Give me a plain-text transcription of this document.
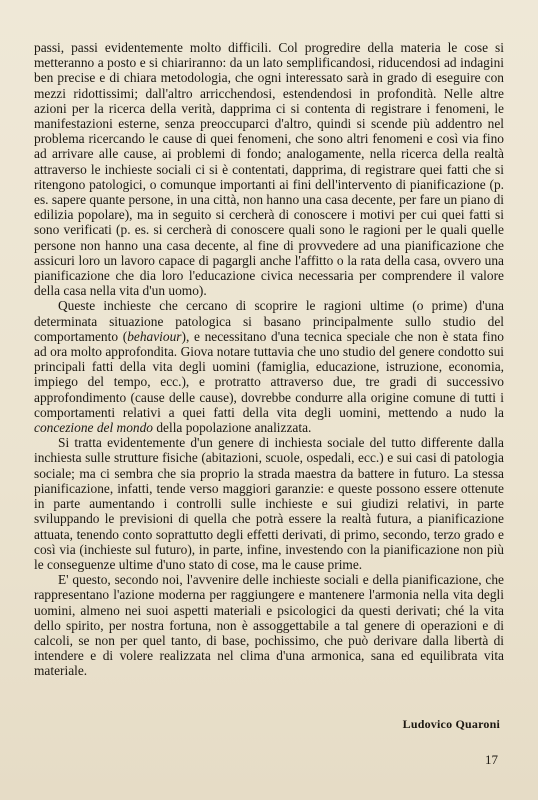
passi, passi evidentemente molto difficili. Col progredire della materia le cose si metteranno a posto e si chiariranno: da un lato semplificandosi, riducendosi ad indagini ben precise e di chiara metodologia, che ogni interessato sarà in grado di eseguire con mezzi ridottissimi; dall'altro arricchendosi, estendendosi in profondità. Nelle altre azioni per la ricerca della verità, dapprima ci si contenta di registrare i fenomeni, le manifestazioni esterne, senza preoccuparci d'altro, quindi si scende più addentro nel problema ricercando le cause di quei fenomeni, che sono altri fenomeni e così via fino ad arrivare alle cause, ai problemi di fondo; analogamente, nella ricerca della realtà attraverso le inchieste sociali ci si è contentati, dapprima, di registrare quei fatti che si ritengono patologici, o comunque importanti ai fini dell'intervento di pianificazione (p. es. sapere quante persone, in una città, non hanno una casa decente, per fare un piano di edilizia popolare), ma in seguito si cercherà di conoscere i motivi per cui quei fatti si sono verificati (p. es. si cercherà di conoscere quali sono le ragioni per le quali quelle persone non hanno una casa decente, al fine di provvedere ad una pianificazione che assicuri loro un lavoro capace di pagargli anche l'affitto o la rata della casa, ovvero una pianificazione che dia loro l'educazione civica necessaria per comprendere il valore della casa nella vita d'un uomo).

Queste inchieste che cercano di scoprire le ragioni ultime (o prime) d'una determinata situazione patologica si basano principalmente sullo studio del comportamento (behaviour), e necessitano d'una tecnica speciale che non è stata fino ad ora molto approfondita. Giova notare tuttavia che uno studio del genere condotto sui principali fatti della vita degli uomini (famiglia, educazione, istruzione, economia, impiego del tempo, ecc.), e protratto attraverso due, tre gradi di successivo approfondimento (cause delle cause), dovrebbe condurre alla origine comune di tutti i comportamenti relativi a quei fatti della vita degli uomini, mettendo a nudo la concezione del mondo della popolazione analizzata.

Si tratta evidentemente d'un genere di inchiesta sociale del tutto differente dalla inchiesta sulle strutture fisiche (abitazioni, scuole, ospedali, ecc.) e sui casi di patologia sociale; ma ci sembra che sia proprio la strada maestra da battere in futuro. La stessa pianificazione, infatti, tende verso maggiori garanzie: e queste possono essere ottenute in parte aumentando i controlli sulle inchieste e sui giudizi relativi, in parte sviluppando le previsioni di quella che potrà essere la realtà futura, a pianificazione attuata, tenendo conto soprattutto degli effetti derivati, di primo, secondo, terzo grado e così via (inchieste sul futuro), in parte, infine, investendo con la pianificazione non più le conseguenze ultime d'uno stato di cose, ma le cause prime.

E' questo, secondo noi, l'avvenire delle inchieste sociali e della pianificazione, che rappresentano l'azione moderna per raggiungere e mantenere l'armonia nella vita degli uomini, almeno nei suoi aspetti materiali e psicologici da questi derivati; ché la vita dello spirito, per nostra fortuna, non è assoggettabile a tal genere di operazioni e di calcoli, se non per quel tanto, di base, pochissimo, che può derivare dalla libertà di intendere e di volere realizzata nel clima d'una armonica, sana ed equilibrata vita materiale.

Ludovico Quaroni
17
